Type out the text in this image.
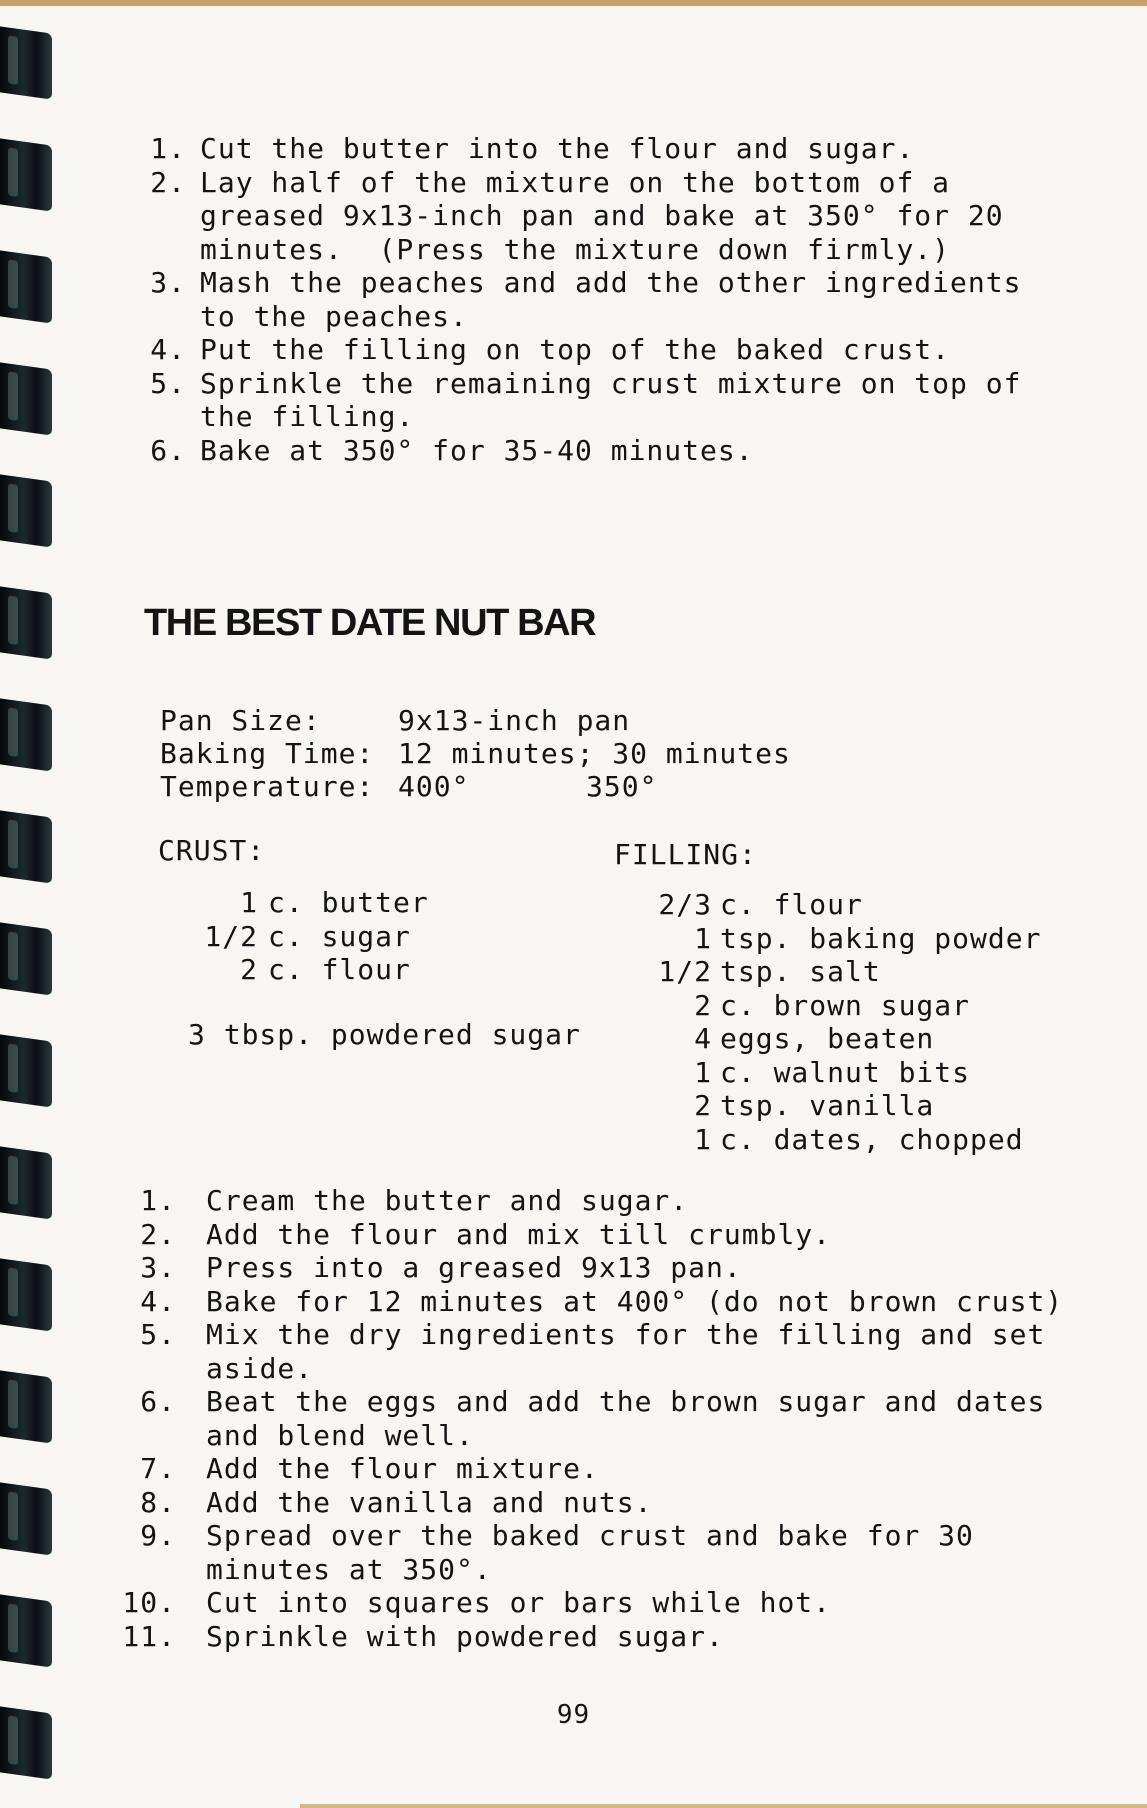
1. Cut the butter into the flour and sugar.
2. Lay half of the mixture on the bottom of a
greased 9x13-inch pan and bake at 350° for 20
minutes.  (Press the mixture down firmly.)
3. Mash the peaches and add the other ingredients
to the peaches.
4. Put the filling on top of the baked crust.
5. Sprinkle the remaining crust mixture on top of
the filling.
6. Bake at 350° for 35-40 minutes.
THE BEST DATE NUT BAR
Pan Size:	9x13-inch pan
Baking Time: 12 minutes; 30 minutes
Temperature: 400°	350°
CRUST:
1 c. butter
1/2 c. sugar
2 c. flour
3 tbsp. powdered sugar
FILLING:
2/3 c. flour
1 tsp. baking powder
1/2 tsp. salt
2 c. brown sugar
4 eggs, beaten
1 c. walnut bits
2 tsp. vanilla
1 c. dates, chopped
1. Cream the butter and sugar.
2. Add the flour and mix till crumbly.
3. Press into a greased 9x13 pan.
4. Bake for 12 minutes at 400° (do not brown crust)
5. Mix the dry ingredients for the filling and set
aside.
6. Beat the eggs and add the brown sugar and dates
and blend well.
7. Add the flour mixture.
8. Add the vanilla and nuts.
9. Spread over the baked crust and bake for 30
minutes at 350°.
10. Cut into squares or bars while hot.
11. Sprinkle with powdered sugar.
99
